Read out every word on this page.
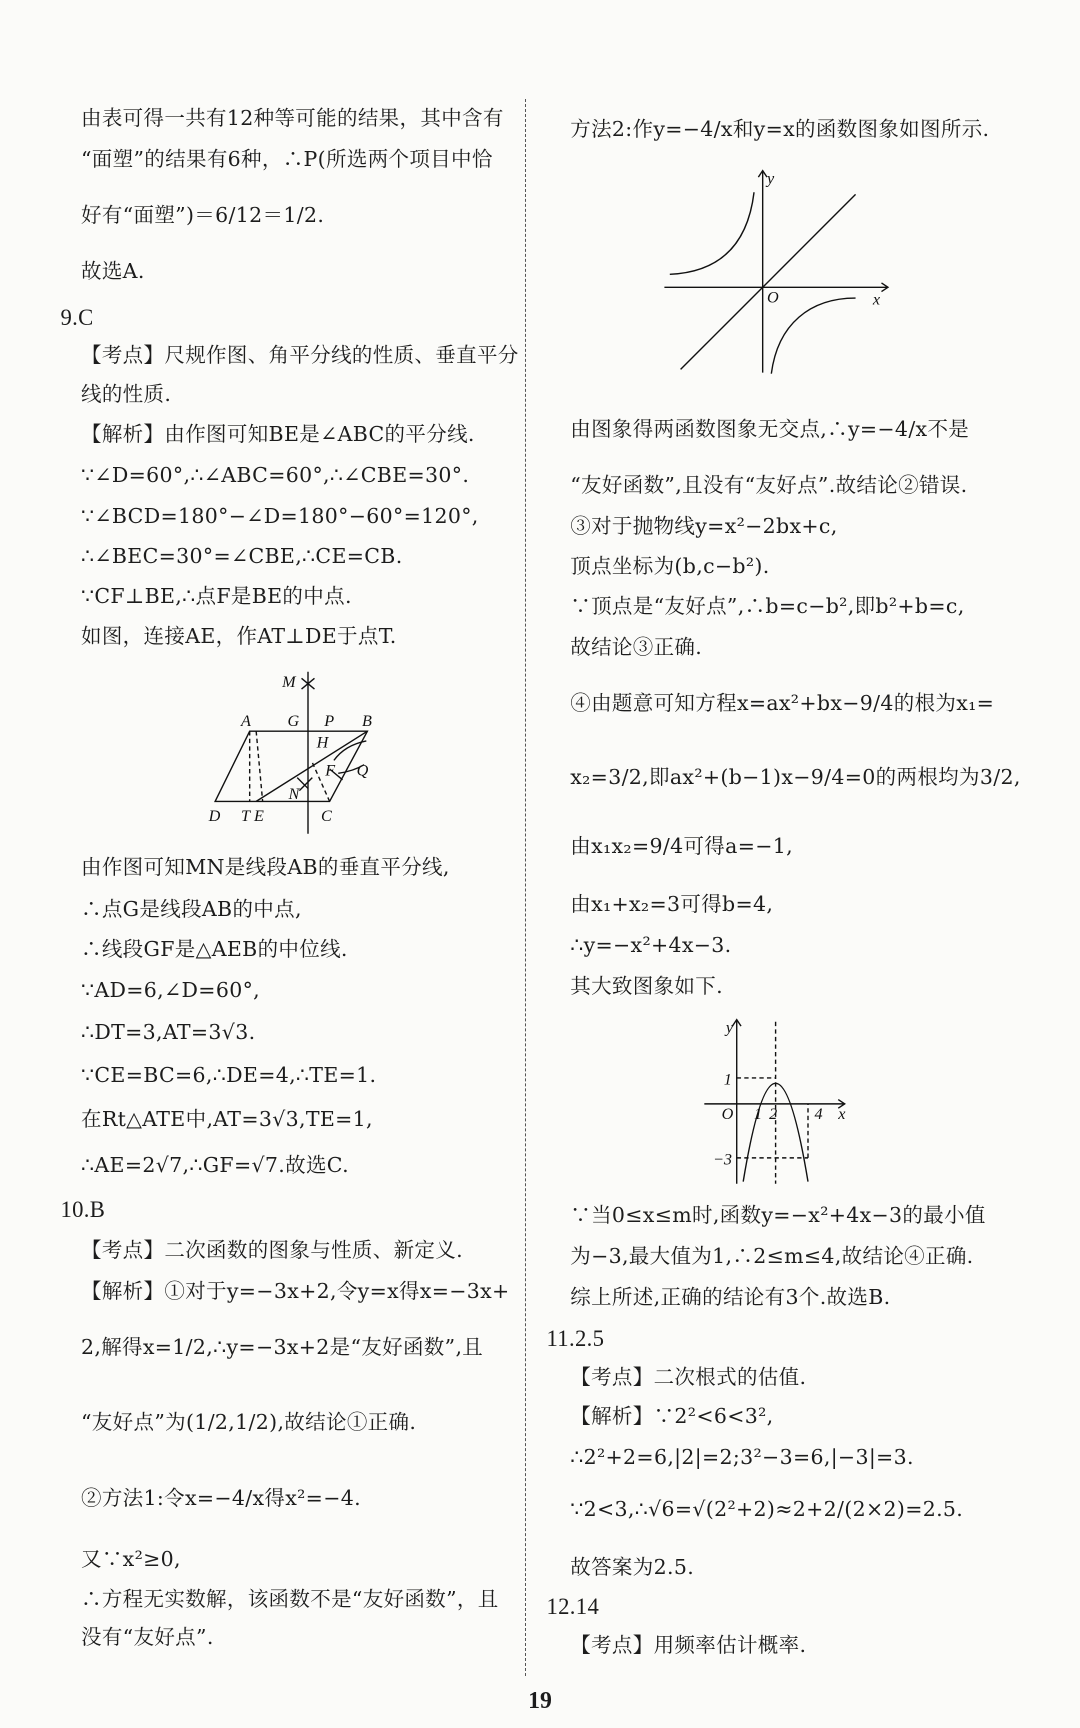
由表可得一共有12种等可能的结果，其中含有
“面塑”的结果有6种，∴P(所选两个项目中恰
好有“面塑”)＝6/12＝1/2.
故选A.
9.C
【考点】尺规作图、角平分线的性质、垂直平分
线的性质.
【解析】由作图可知BE是∠ABC的平分线.
∵∠D=60°,∴∠ABC=60°,∴∠CBE=30°.
∵∠BCD=180°−∠D=180°−60°=120°,
∴∠BEC=30°=∠CBE,∴CE=CB.
∵CF⊥BE,∴点F是BE的中点.
如图，连接AE，作AT⊥DE于点T.
M
A G P B
H
F Q
N
D T E	C
由作图可知MN是线段AB的垂直平分线,
∴点G是线段AB的中点,
∴线段GF是△AEB的中位线.
∵AD=6,∠D=60°,
∴DT=3,AT=3√3.
∵CE=BC=6,∴DE=4,∴TE=1.
在Rt△ATE中,AT=3√3,TE=1,
∴AE=2√7,∴GF=√7.故选C.
10.B
【考点】二次函数的图象与性质、新定义.
【解析】①对于y=−3x+2,令y=x得x=−3x+
2,解得x=1/2,∴y=−3x+2是“友好函数”,且
“友好点”为(1/2,1/2),故结论①正确.
②方法1:令x=−4/x得x²=−4.
又∵x²≥0,
∴方程无实数解，该函数不是“友好函数”，且
没有“友好点”.
方法2:作y=−4/x和y=x的函数图象如图所示.
y
x
O
由图象得两函数图象无交点,∴y=−4/x不是
“友好函数”,且没有“友好点”.故结论②错误.
③对于抛物线y=x²−2bx+c,
顶点坐标为(b,c−b²).
∵顶点是“友好点”,∴b=c−b²,即b²+b=c,
故结论③正确.
④由题意可知方程x=ax²+bx−9/4的根为x₁=
x₂=3/2,即ax²+(b−1)x−9/4=0的两根均为3/2,
由x₁x₂=9/4可得a=−1,
由x₁+x₂=3可得b=4,
∴y=−x²+4x−3.
其大致图象如下.
y
x
O
1
−3
1 2 4
∵当0≤x≤m时,函数y=−x²+4x−3的最小值
为−3,最大值为1,∴2≤m≤4,故结论④正确.
综上所述,正确的结论有3个.故选B.
11.2.5
【考点】二次根式的估值.
【解析】∵2²<6<3²,
∴2²+2=6,|2|=2;3²−3=6,|−3|=3.
∵2<3,∴√6=√(2²+2)≈2+2/(2×2)=2.5.
故答案为2.5.
12.14
【考点】用频率估计概率.
19
